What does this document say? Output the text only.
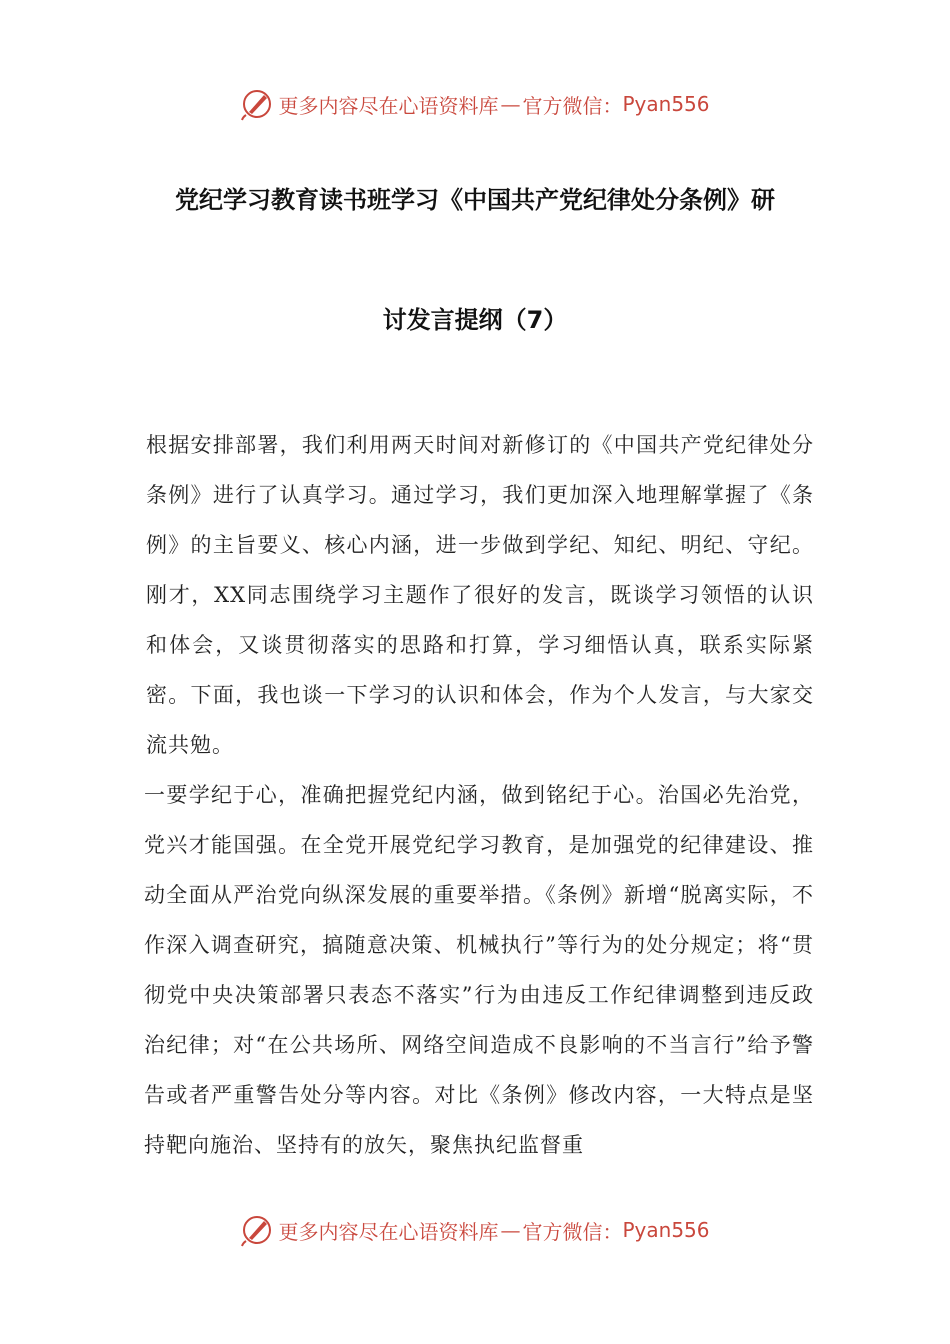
更多内容尽在心语资料库 — 官方微信： Pyan556
党纪学习教育读书班学习《中国共产党纪律处分条例》研
讨发言提纲（7）

根据安排部署，我们利用两天时间对新修订的《中国共产党纪律处分条例》进行了认真学习。通过学习，我们更加深入地理解掌握了《条例》的主旨要义、核心内涵，进一步做到学纪、知纪、明纪、守纪。刚才，XX同志围绕学习主题作了很好的发言，既谈学习领悟的认识和体会，又谈贯彻落实的思路和打算，学习细悟认真，联系实际紧密。下面，我也谈一下学习的认识和体会，作为个人发言，与大家交流共勉。

一要学纪于心，准确把握党纪内涵，做到铭纪于心。治国必先治党，党兴才能国强。在全党开展党纪学习教育，是加强党的纪律建设、推动全面从严治党向纵深发展的重要举措。《条例》新增“脱离实际，不作深入调查研究，搞随意决策、机械执行”等行为的处分规定；将“贯彻党中央决策部署只表态不落实”行为由违反工作纪律调整到违反政治纪律；对“在公共场所、网络空间造成不良影响的不当言行”给予警告或者严重警告处分等内容。对比《条例》修改内容，一大特点是坚持靶向施治、坚持有的放矢，聚焦执纪监督重

更多内容尽在心语资料库 — 官方微信： Pyan556
